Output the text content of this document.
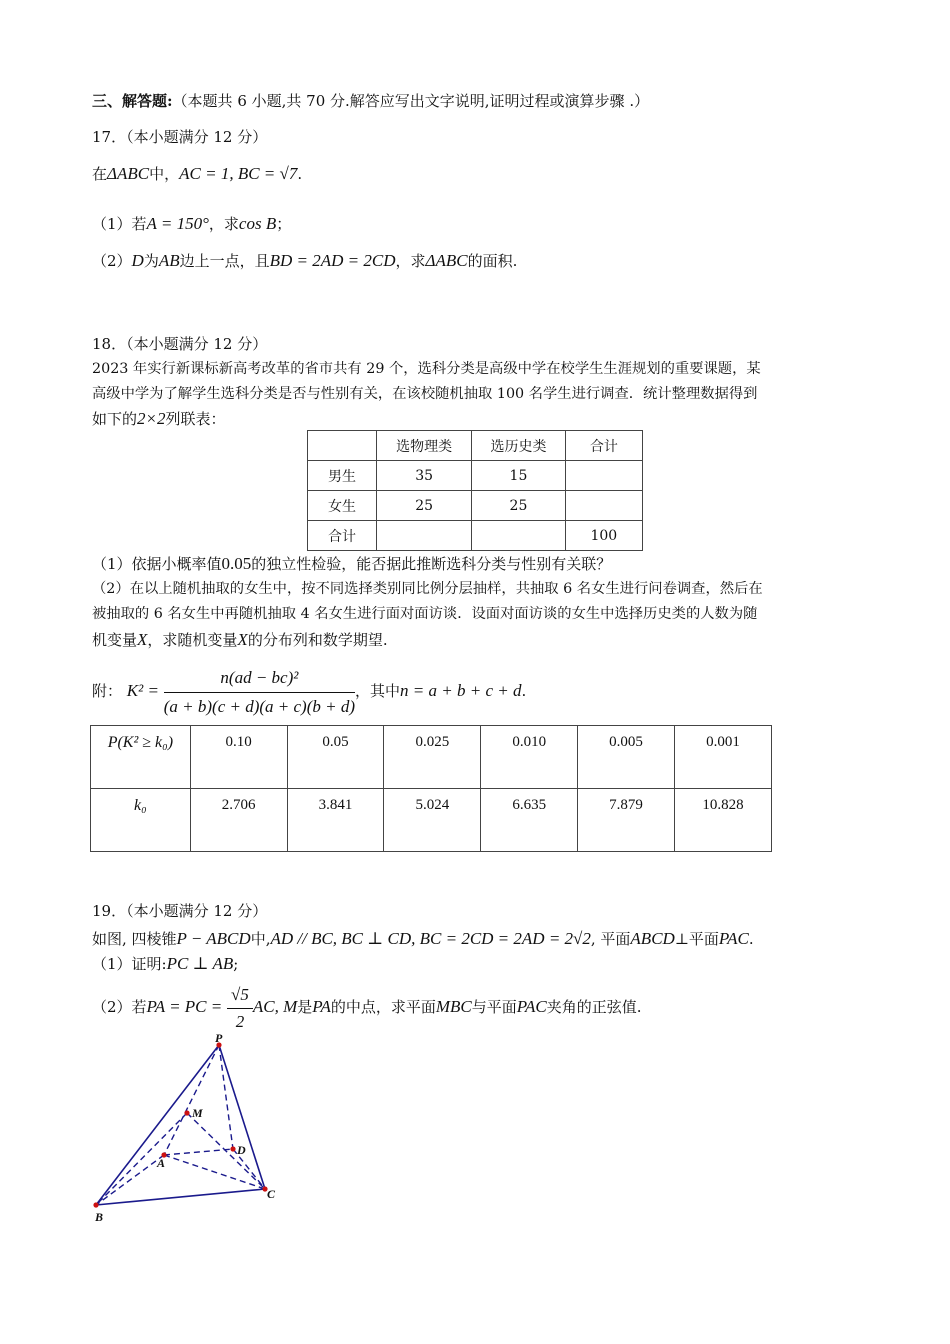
三、解答题:（本题共 6 小题,共 70 分.解答应写出文字说明,证明过程或演算步骤 .）
17．（本小题满分 12 分）
在ΔABC中，AC = 1, BC = √7.
（1）若A = 150°，求cos B；
（2）D为AB边上一点，且BD = 2AD = 2CD，求ΔABC的面积.
18．（本小题满分 12 分）
2023 年实行新课标新高考改革的省市共有 29 个，选科分类是高级中学在校学生生涯规划的重要课题，某
高级中学为了解学生选科分类是否与性别有关，在该校随机抽取 100 名学生进行调查．统计整理数据得到
如下的2×2列联表：
	选物理类	选历史类	合计
男生	35	15	
女生	25	25	
合计			100
（1）依据小概率值0.05的独立性检验，能否据此推断选科分类与性别有关联？
（2）在以上随机抽取的女生中，按不同选择类别同比例分层抽样，共抽取 6 名女生进行问卷调查，然后在
被抽取的 6 名女生中再随机抽取 4 名女生进行面对面访谈．设面对面访谈的女生中选择历史类的人数为随
机变量X，求随机变量X的分布列和数学期望.
附： $K^2 = \frac{\text{n(ad − bc)²}}{(a + b)(c + d)(a + c)(b + d)}$ ，其中n = a + b + c + d.
P(K² ≥ k₀)	0.10	0.05	0.025	0.010	0.005	0.001
k₀	2.706	3.841	5.024	6.635	7.879	10.828
19．（本小题满分 12 分）
如图, 四棱锥P − ABCD中,AD // BC, BC ⊥ CD, BC = 2CD = 2AD = 2√2, 平面ABCD⊥平面PAC.
（1）证明:PC ⊥ AB;
（2）若PA = PC = $\frac{√5}{2}$ AC, M是PA的中点，求平面MBC与平面PAC夹角的正弦值.
P
M
D
A
B
C
